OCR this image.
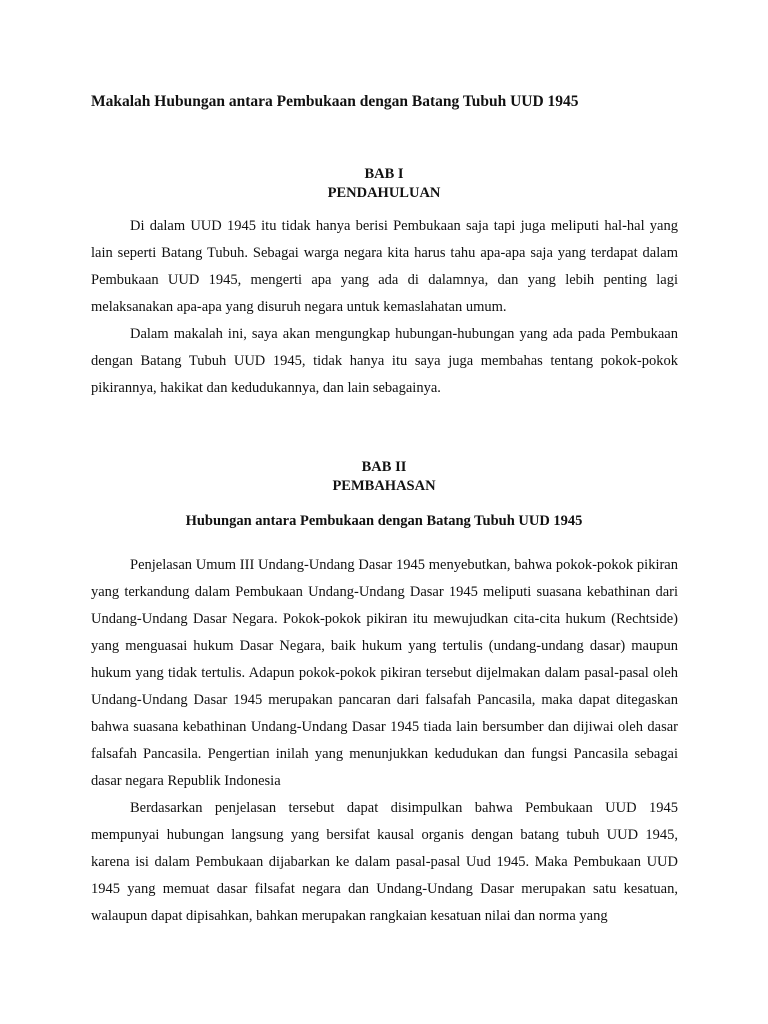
Makalah Hubungan antara Pembukaan dengan Batang Tubuh UUD 1945
BAB I
PENDAHULUAN

Di dalam UUD 1945 itu tidak hanya berisi Pembukaan saja tapi juga meliputi hal-hal yang lain seperti Batang Tubuh. Sebagai warga negara kita harus tahu apa-apa saja yang terdapat dalam Pembukaan UUD 1945, mengerti apa yang ada di dalamnya, dan yang lebih penting lagi melaksanakan apa-apa yang disuruh negara untuk kemaslahatan umum.

Dalam makalah ini, saya akan mengungkap hubungan-hubungan yang ada pada Pembukaan dengan Batang Tubuh UUD 1945, tidak hanya itu saya juga membahas tentang pokok-pokok pikirannya, hakikat dan kedudukannya, dan lain sebagainya.

BAB II
PEMBAHASAN
Hubungan antara Pembukaan dengan Batang Tubuh UUD 1945

Penjelasan Umum III Undang-Undang Dasar 1945 menyebutkan, bahwa pokok-pokok pikiran yang terkandung dalam Pembukaan Undang-Undang Dasar 1945 meliputi suasana kebathinan dari Undang-Undang Dasar Negara. Pokok-pokok pikiran itu mewujudkan cita-cita hukum (Rechtside) yang menguasai hukum Dasar Negara, baik hukum yang tertulis (undang-undang dasar) maupun hukum yang tidak tertulis. Adapun pokok-pokok pikiran tersebut dijelmakan dalam pasal-pasal oleh Undang-Undang Dasar 1945 merupakan pancaran dari falsafah Pancasila, maka dapat ditegaskan bahwa suasana kebathinan Undang-Undang Dasar 1945 tiada lain bersumber dan dijiwai oleh dasar falsafah Pancasila. Pengertian inilah yang menunjukkan kedudukan dan fungsi Pancasila sebagai dasar negara Republik Indonesia

Berdasarkan penjelasan tersebut dapat disimpulkan bahwa Pembukaan UUD 1945 mempunyai hubungan langsung yang bersifat kausal organis dengan batang tubuh UUD 1945, karena isi dalam Pembukaan dijabarkan ke dalam pasal-pasal Uud 1945. Maka Pembukaan UUD 1945 yang memuat dasar filsafat negara dan Undang-Undang Dasar merupakan satu kesatuan, walaupun dapat dipisahkan, bahkan merupakan rangkaian kesatuan nilai dan norma yang
